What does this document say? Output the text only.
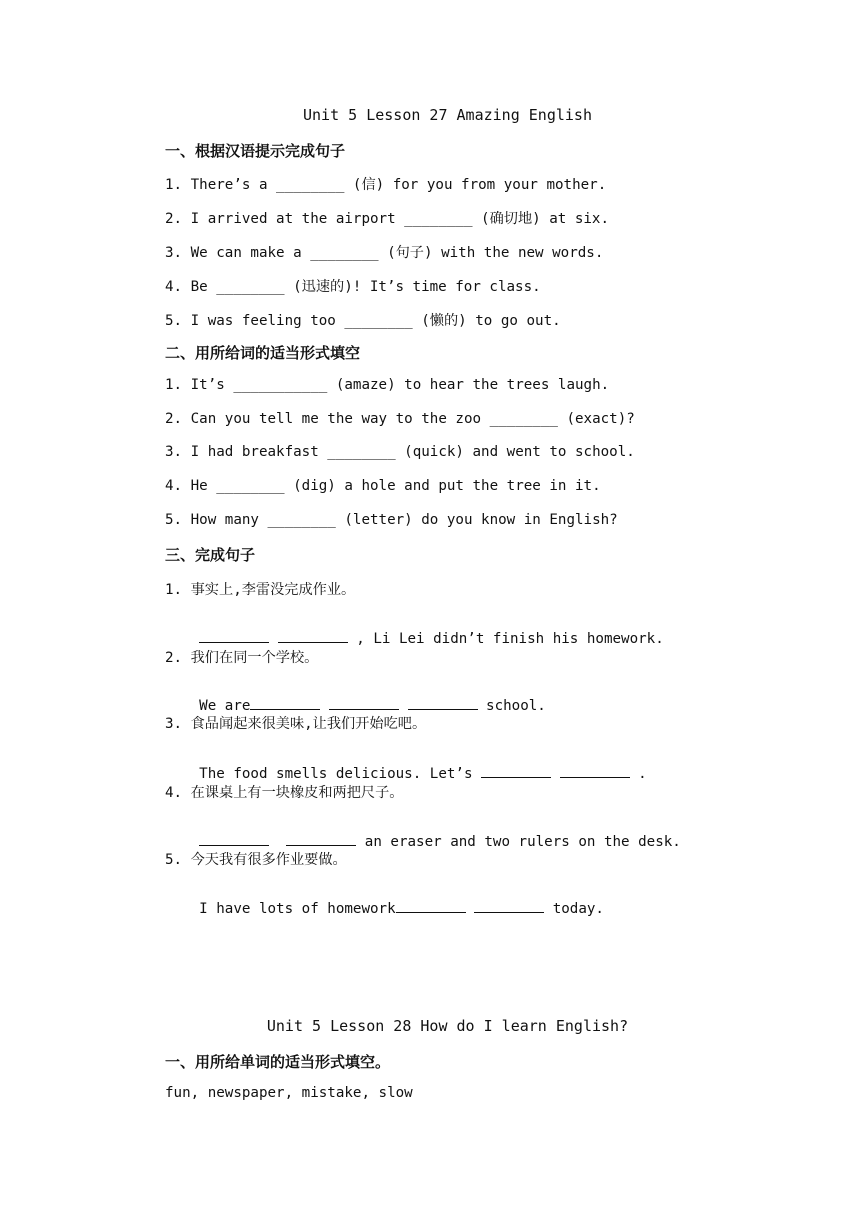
Unit 5 Lesson 27 Amazing English
一、根据汉语提示完成句子
1. There’s a ________ (信) for you from your mother.
2. I arrived at the airport ________ (确切地) at six.
3. We can make a ________ (句子) with the new words.
4. Be ________ (迅速的)! It’s time for class.
5. I was feeling too ________ (懒的) to go out.
二、用所给词的适当形式填空
1. It’s ___________ (amaze) to hear the trees laugh.
2. Can you tell me the way to the zoo ________ (exact)?
3. I had breakfast ________ (quick) and went to school.
4. He ________ (dig) a hole and put the tree in it.
5. How many ________ (letter) do you know in English?
三、完成句子
1. 事实上,李雷没完成作业。

, Li Lei didn’t finish his homework.

2. 我们在同一个学校。

We are	school.

3. 食品闻起来很美味,让我们开始吃吧。

The food smells delicious. Let’s	.

4. 在课桌上有一块橡皮和两把尺子。

an eraser and two rulers on the desk.

5. 今天我有很多作业要做。

I have lots of homework	today.

Unit 5 Lesson 28 How do I learn English?
一、用所给单词的适当形式填空。
fun, newspaper, mistake, slow
